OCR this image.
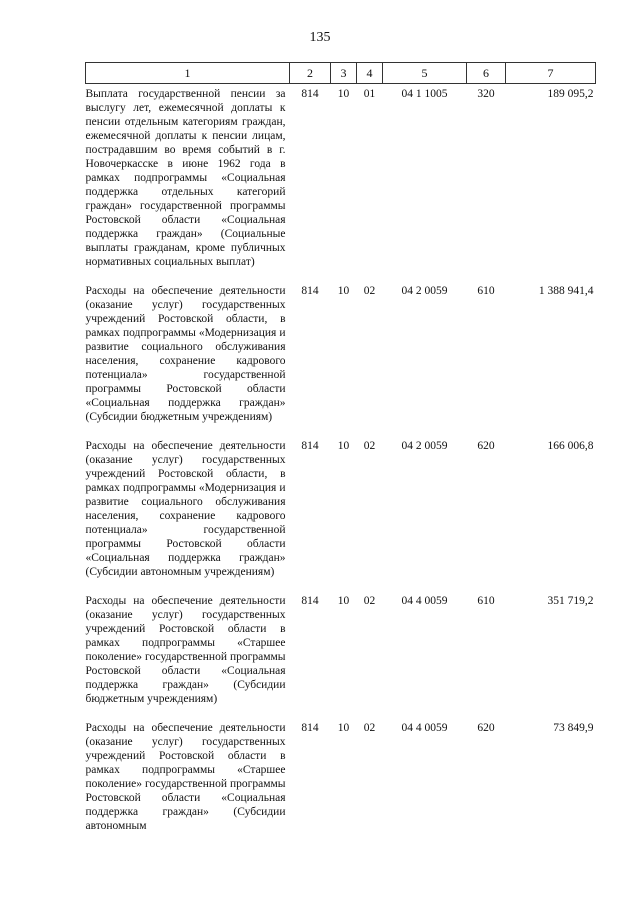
135
1	2	3	4	5	6	7
Выплата государственной пенсии за выслугу лет, ежемесячной доплаты к пенсии отдельным категориям граждан, ежемесячной доплаты к пенсии лицам, пострадавшим во время событий в г. Новочеркасске в июне 1962 года в рамках подпрограммы «Социальная поддержка отдельных категорий граждан» государственной программы Ростовской области «Социальная поддержка граждан» (Социальные выплаты гражданам, кроме публичных нормативных социальных выплат)	814	10	01	04 1 1005	320	189 095,2
Расходы на обеспечение деятельности (оказание услуг) государственных учреждений Ростовской области, в рамках подпрограммы «Модернизация и развитие социального обслуживания населения, сохранение кадрового потенциала» государственной программы Ростовской области «Социальная поддержка граждан» (Субсидии бюджетным учреждениям)	814	10	02	04 2 0059	610	1 388 941,4
Расходы на обеспечение деятельности (оказание услуг) государственных учреждений Ростовской области, в рамках подпрограммы «Модернизация и развитие социального обслуживания населения, сохранение кадрового потенциала» государственной программы Ростовской области «Социальная поддержка граждан» (Субсидии автономным учреждениям)	814	10	02	04 2 0059	620	166 006,8
Расходы на обеспечение деятельности (оказание услуг) государственных учреждений Ростовской области в рамках подпрограммы «Старшее поколение» государственной программы Ростовской области «Социальная поддержка граждан» (Субсидии бюджетным учреждениям)	814	10	02	04 4 0059	610	351 719,2
Расходы на обеспечение деятельности (оказание услуг) государственных учреждений Ростовской области в рамках подпрограммы «Старшее поколение» государственной программы Ростовской области «Социальная поддержка граждан» (Субсидии автономным	814	10	02	04 4 0059	620	73 849,9
